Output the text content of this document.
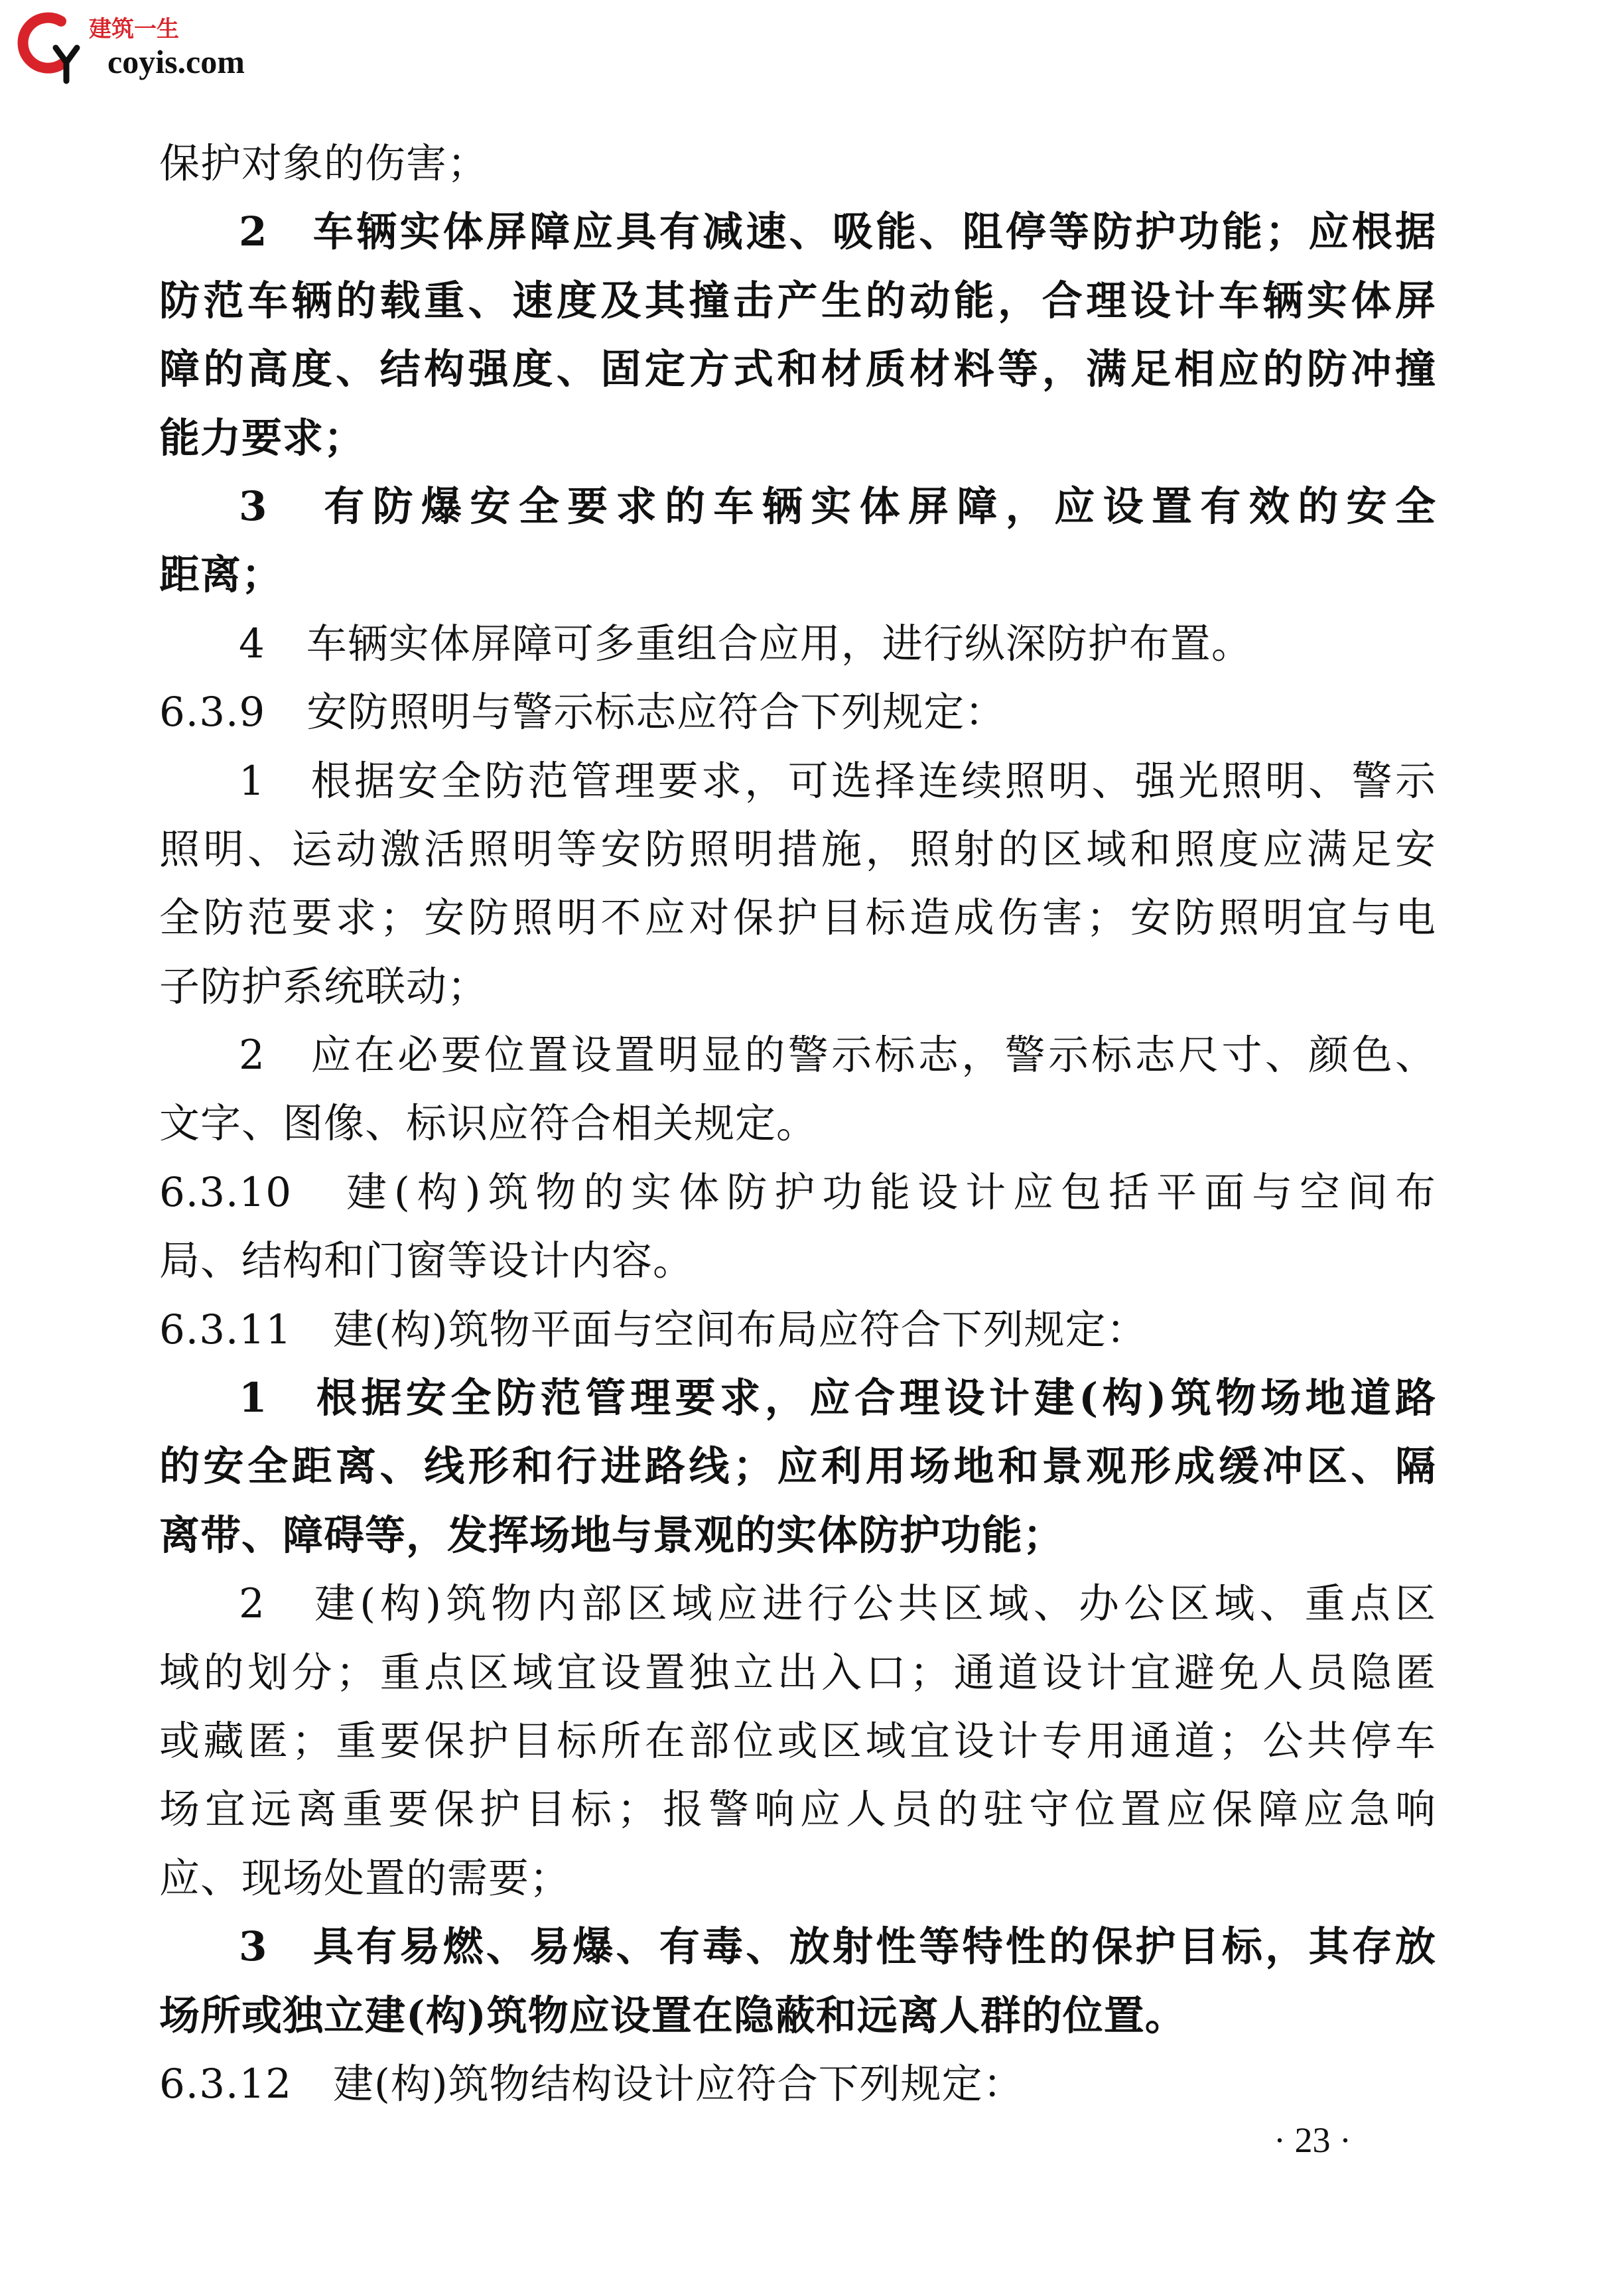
建筑一生
coyis.com
保护对象的伤害；
2　车辆实体屏障应具有减速、吸能、阻停等防护功能；应根据
防范车辆的载重、速度及其撞击产生的动能，合理设计车辆实体屏
障的高度、结构强度、固定方式和材质材料等，满足相应的防冲撞
能力要求；
3　有防爆安全要求的车辆实体屏障，应设置有效的安全
距离；
4　车辆实体屏障可多重组合应用，进行纵深防护布置。
6.3.9　安防照明与警示标志应符合下列规定：
1　根据安全防范管理要求，可选择连续照明、强光照明、警示
照明、运动激活照明等安防照明措施，照射的区域和照度应满足安
全防范要求；安防照明不应对保护目标造成伤害；安防照明宜与电
子防护系统联动；
2　应在必要位置设置明显的警示标志，警示标志尺寸、颜色、
文字、图像、标识应符合相关规定。
6.3.10　建(构)筑物的实体防护功能设计应包括平面与空间布
局、结构和门窗等设计内容。
6.3.11　建(构)筑物平面与空间布局应符合下列规定：
1　根据安全防范管理要求，应合理设计建(构)筑物场地道路
的安全距离、线形和行进路线；应利用场地和景观形成缓冲区、隔
离带、障碍等，发挥场地与景观的实体防护功能；
2　建(构)筑物内部区域应进行公共区域、办公区域、重点区
域的划分；重点区域宜设置独立出入口；通道设计宜避免人员隐匿
或藏匿；重要保护目标所在部位或区域宜设计专用通道；公共停车
场宜远离重要保护目标；报警响应人员的驻守位置应保障应急响
应、现场处置的需要；
3　具有易燃、易爆、有毒、放射性等特性的保护目标，其存放
场所或独立建(构)筑物应设置在隐蔽和远离人群的位置。
6.3.12　建(构)筑物结构设计应符合下列规定：
· 23 ·
